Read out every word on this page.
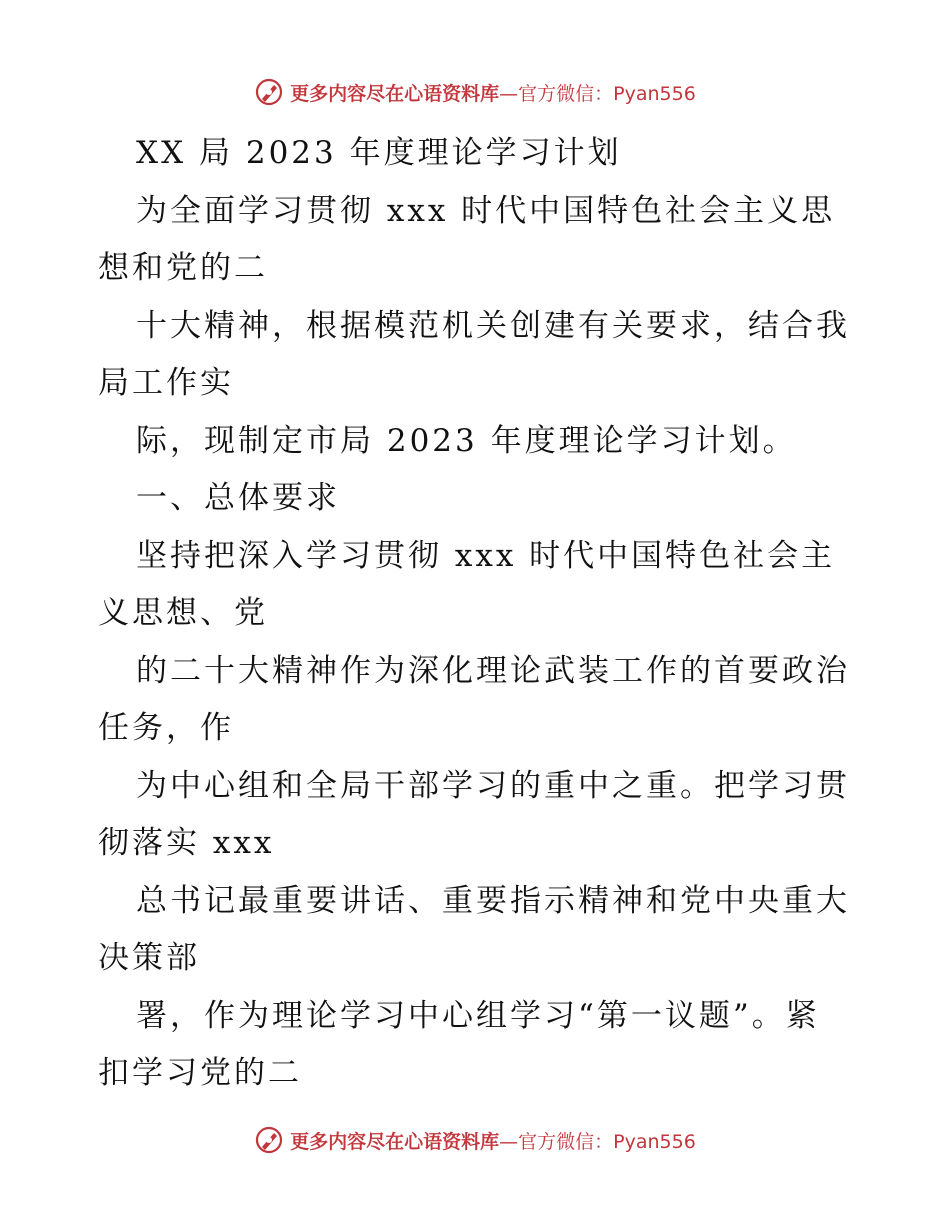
更多内容尽在心语资料库—官方微信：Pyan556
XX 局 2023 年度理论学习计划
为全面学习贯彻 xxx 时代中国特色社会主义思
想和党的二
十大精神，根据模范机关创建有关要求，结合我
局工作实
际，现制定市局 2023 年度理论学习计划。
一、总体要求
坚持把深入学习贯彻 xxx 时代中国特色社会主
义思想、党
的二十大精神作为深化理论武装工作的首要政治
任务，作
为中心组和全局干部学习的重中之重。把学习贯
彻落实 xxx
总书记最重要讲话、重要指示精神和党中央重大
决策部
署，作为理论学习中心组学习“第一议题”。紧
扣学习党的二
更多内容尽在心语资料库—官方微信：Pyan556
